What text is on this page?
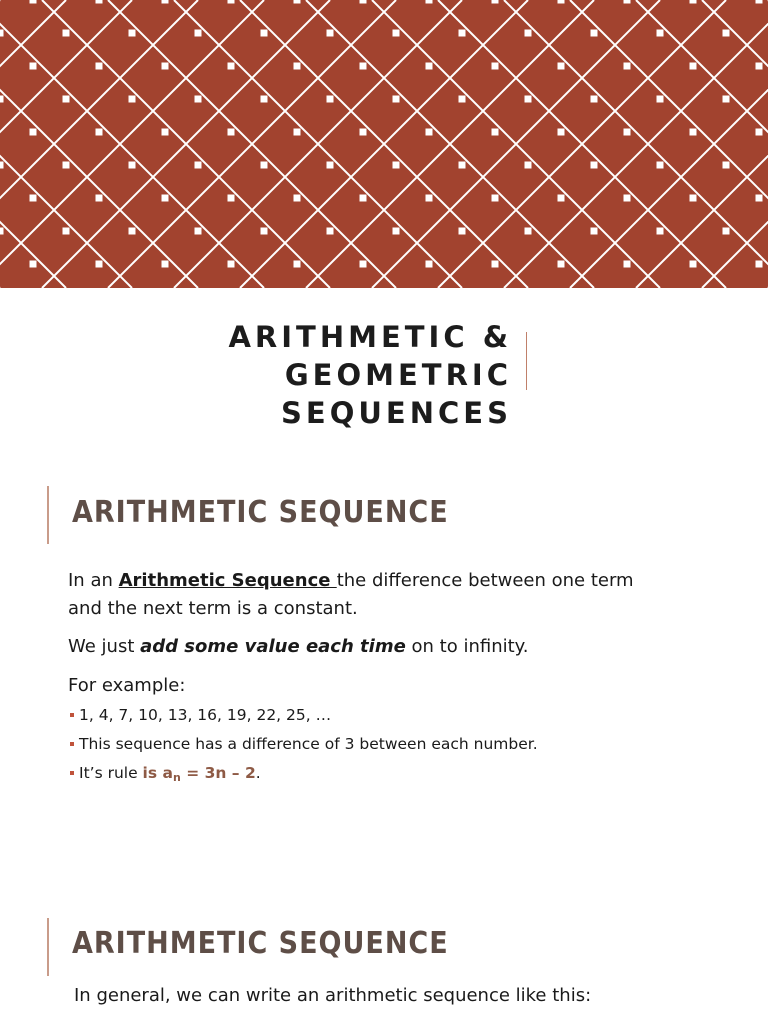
ARITHMETIC & GEOMETRIC
SEQUENCES
ARITHMETIC SEQUENCE

In an Arithmetic Sequence the difference between one term and the next term is a constant.

We just add some value each time on to infinity.

For example:

1, 4, 7, 10, 13, 16, 19, 22, 25, …
This sequence has a difference of 3 between each number.
It’s rule is $a_n = 3n - 2$.
ARITHMETIC SEQUENCE

In general, we can write an arithmetic sequence like this:
